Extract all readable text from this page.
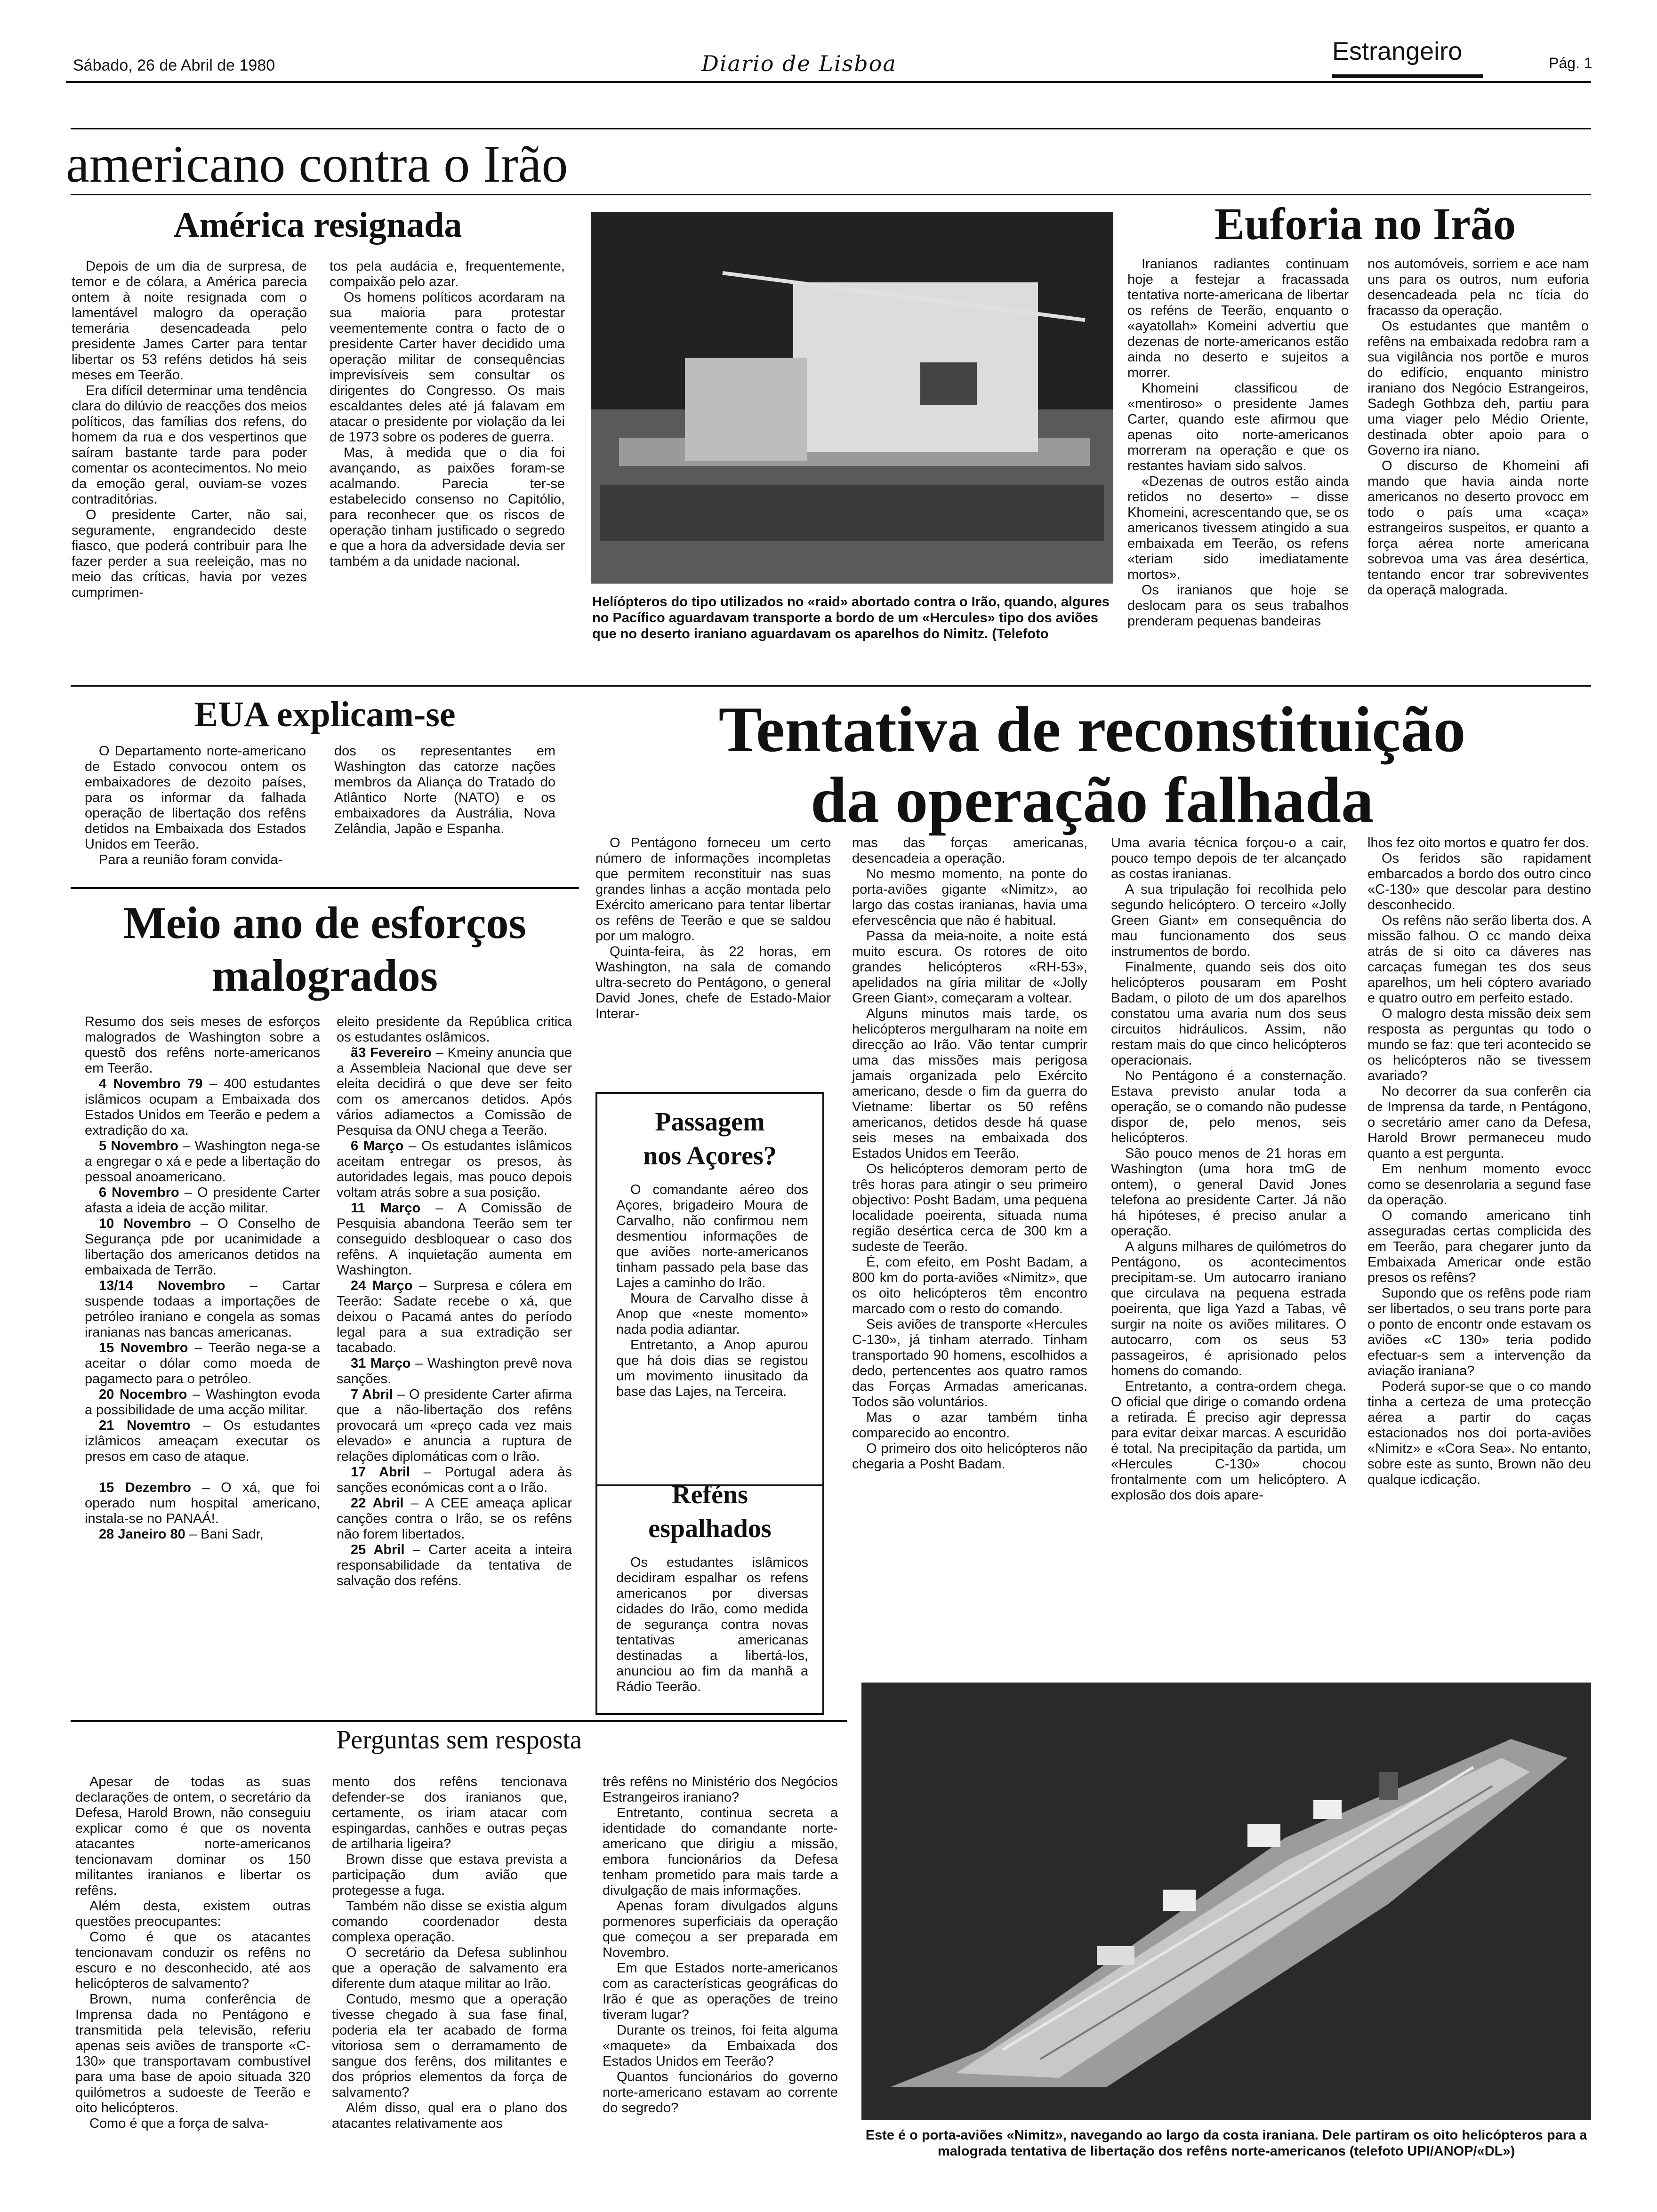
Sábado, 26 de Abril de 1980	Diario de Lisboa	Estrangeiro	Pág. 1
americano contra o Irão
América resignada

Depois de um dia de surpresa, de temor e de cólara, a América parecia ontem à noite resignada com o lamentável malogro da operação temerária desencadeada pelo presidente James Carter para tentar libertar os 53 reféns detidos há seis meses em Teerão.

Era difícil determinar uma tendência clara do dilúvio de reacções dos meios políticos, das famílias dos refens, do homem da rua e dos vespertinos que saíram bastante tarde para poder comentar os acontecimentos. No meio da emoção geral, ouviam-se vozes contraditórias.

O presidente Carter, não sai, seguramente, engrandecido deste fiasco, que poderá contribuir para lhe fazer perder a sua reeleição, mas no meio das críticas, havia por vezes cumprimen-

tos pela audácia e, frequentemente, compaixão pelo azar.

Os homens políticos acordaram na sua maioria para protestar veementemente contra o facto de o presidente Carter haver decidido uma operação militar de consequências imprevisíveis sem consultar os dirigentes do Congresso. Os mais escaldantes deles até já falavam em atacar o presidente por violação da lei de 1973 sobre os poderes de guerra.

Mas, à medida que o dia foi avançando, as paixões foram-se acalmando. Parecia ter-se estabelecido consenso no Capitólio, para reconhecer que os riscos de operação tinham justificado o segredo e que a hora da adversidade devia ser também a da unidade nacional.

Helíópteros do tipo utilizados no «raid» abortado contra o Irão, quando, algures no Pacífico aguardavam transporte a bordo de um «Hercules» tipo dos aviões que no deserto iraniano aguardavam os aparelhos do Nimitz. (Telefoto
Euforia no Irão

Iranianos radiantes continuam hoje a festejar a fracassada tentativa norte-americana de libertar os reféns de Teerão, enquanto o «ayatollah» Komeini advertiu que dezenas de norte-americanos estão ainda no deserto e sujeitos a morrer.

Khomeini classificou de «mentiroso» o presidente James Carter, quando este afirmou que apenas oito norte-americanos morreram na operação e que os restantes haviam sido salvos.

«Dezenas de outros estão ainda retidos no deserto» – disse Khomeini, acrescentando que, se os americanos tivessem atingido a sua embaixada em Teerão, os refens «teriam sido imediatamente mortos».

Os iranianos que hoje se deslocam para os seus trabalhos prenderam pequenas bandeiras

nos automóveis, sorriem e ace nam uns para os outros, num euforia desencadeada pela nc tícia do fracasso da operação.

Os estudantes que mantêm o refêns na embaixada redobra ram a sua vigilância nos portõe e muros do edifício, enquanto ministro iraniano dos Negócio Estrangeiros, Sadegh Gothbza deh, partiu para uma viager pelo Médio Oriente, destinada obter apoio para o Governo ira niano.

O discurso de Khomeini afi mando que havia ainda norte americanos no deserto provocc em todo o país uma «caça» estrangeiros suspeitos, er quanto a força aérea norte americana sobrevoa uma vas área desértica, tentando encor trar sobreviventes da operaçã malograda.

EUA explicam-se

O Departamento norte-americano de Estado convocou ontem os embaixadores de dezoito países, para os informar da falhada operação de libertação dos refêns detidos na Embaixada dos Estados Unidos em Teerão.

Para a reunião foram convida-

dos os representantes em Washington das catorze nações membros da Aliança do Tratado do Atlântico Norte (NATO) e os embaixadores da Austrália, Nova Zelândia, Japão e Espanha.

Meio ano de esforços malogrados

Resumo dos seis meses de esforços malogrados de Washington sobre a questõ dos refêns norte-americanos em Teerão.

4 Novembro 79 – 400 estudantes islâmicos ocupam a Embaixada dos Estados Unidos em Teerão e pedem a extradição do xa.

5 Novembro – Washington nega-se a engregar o xá e pede a libertação do pessoal anoamericano.

6 Novembro – O presidente Carter afasta a ideia de acção militar.

10 Novembro – O Conselho de Segurança pde por ucanimidade a libertação dos americanos detidos na embaixada de Terrão.

13/14 Novembro – Cartar suspende todaas a importações de petróleo iraniano e congela as somas iranianas nas bancas americanas.

15 Novembro – Teerão nega-se a aceitar o dólar como moeda de pagamecto para o petróleo.

20 Nocembro – Washington evoda a possibilidade de uma acção militar.

21 Novemtro – Os estudantes izlâmicos ameaçam executar os presos em caso de ataque.

15 Dezembro – O xá, que foi operado num hospital americano, instala-se no PANAÁ!.

28 Janeiro 80 – Bani Sadr,

eleito presidente da República critica os estudantes oslâmicos.

ã3 Fevereiro – Kmeiny anuncia que a Assembleia Nacional que deve ser eleita decidirá o que deve ser feito com os amercanos detidos. Após vários adiamectos a Comissão de Pesquisa da ONU chega a Teerão.

6 Março – Os estudantes islâmicos aceitam entregar os presos, às autoridades legais, mas pouco depois voltam atrás sobre a sua posição.

11 Março – A Comissão de Pesquisia abandona Teerão sem ter conseguido desbloquear o caso dos refêns. A inquietação aumenta em Washington.

24 Março – Surpresa e cólera em Teerão: Sadate recebe o xá, que deixou o Pacamá antes do período legal para a sua extradição ser tacabado.

31 Março – Washington prevê nova sanções.

7 Abril – O presidente Carter afirma que a não-libertação dos refêns provocará um «preço cada vez mais elevado» e anuncia a ruptura de relações diplomáticas com o Irão.

17 Abril – Portugal adera às sanções económicas cont a o Irão.

22 Abril – A CEE ameaça aplicar canções contra o Irão, se os refêns não forem libertados.

25 Abril – Carter aceita a inteira responsabilidade da tentativa de salvação dos reféns.

Tentativa de reconstituição
da operação falhada

O Pentágono forneceu um certo número de informações incompletas que permitem reconstituir nas suas grandes linhas a acção montada pelo Exército americano para tentar libertar os refêns de Teerão e que se saldou por um malogro.

Quinta-feira, às 22 horas, em Washington, na sala de comando ultra-secreto do Pentágono, o general David Jones, chefe de Estado-Maior Interar-

mas das forças americanas, desencadeia a operação.

No mesmo momento, na ponte do porta-aviões gigante «Nimitz», ao largo das costas iranianas, havia uma efervescência que não é habitual.

Passa da meia-noite, a noite está muito escura. Os rotores de oito grandes helicópteros «RH-53», apelidados na gíria militar de «Jolly Green Giant», começaram a voltear.

Alguns minutos mais tarde, os helicópteros mergulharam na noite em direcção ao Irão. Vão tentar cumprir uma das missões mais perigosa jamais organizada pelo Exército americano, desde o fim da guerra do Vietname: libertar os 50 refêns americanos, detidos desde há quase seis meses na embaixada dos Estados Unidos em Teerão.

Os helicópteros demoram perto de três horas para atingir o seu primeiro objectivo: Posht Badam, uma pequena localidade poeirenta, situada numa região desértica cerca de 300 km a sudeste de Teerão.

É, com efeito, em Posht Badam, a 800 km do porta-aviões «Nimitz», que os oito helicópteros têm encontro marcado com o resto do comando.

Seis aviões de transporte «Hercules C-130», já tinham aterrado. Tinham transportado 90 homens, escolhidos a dedo, pertencentes aos quatro ramos das Forças Armadas americanas. Todos são voluntários.

Mas o azar também tinha comparecido ao encontro.

O primeiro dos oito helicópteros não chegaria a Posht Badam.

Uma avaria técnica forçou-o a cair, pouco tempo depois de ter alcançado as costas iranianas.

A sua tripulação foi recolhida pelo segundo helicóptero. O terceiro «Jolly Green Giant» em consequência do mau funcionamento dos seus instrumentos de bordo.

Finalmente, quando seis dos oito helicópteros pousaram em Posht Badam, o piloto de um dos aparelhos constatou uma avaria num dos seus circuitos hidráulicos. Assim, não restam mais do que cinco helicópteros operacionais.

No Pentágono é a consternação. Estava previsto anular toda a operação, se o comando não pudesse dispor de, pelo menos, seis helicópteros.

São pouco menos de 21 horas em Washington (uma hora tmG de ontem), o general David Jones telefona ao presidente Carter. Já não há hipóteses, é preciso anular a operação.

A alguns milhares de quilómetros do Pentágono, os acontecimentos precipitam-se. Um autocarro iraniano que circulava na pequena estrada poeirenta, que liga Yazd a Tabas, vê surgir na noite os aviões militares. O autocarro, com os seus 53 passageiros, é aprisionado pelos homens do comando.

Entretanto, a contra-ordem chega. O oficial que dirige o comando ordena a retirada. É preciso agir depressa para evitar deixar marcas. A escuridão é total. Na precipitação da partida, um «Hercules C-130» chocou frontalmente com um helicóptero. A explosão dos dois apare-

lhos fez oito mortos e quatro fer dos.

Os feridos são rapidament embarcados a bordo dos outro cinco «C-130» que descolar para destino desconhecido.

Os refêns não serão liberta dos. A missão falhou. O cc mando deixa atrás de si oito ca dáveres nas carcaças fumegan tes dos seus aparelhos, um heli cóptero avariado e quatro outro em perfeito estado.

O malogro desta missão deix sem resposta as perguntas qu todo o mundo se faz: que teri acontecido se os helicópteros não se tivessem avariado?

No decorrer da sua conferên cia de Imprensa da tarde, n Pentágono, o secretário amer cano da Defesa, Harold Browr permaneceu mudo quanto a est pergunta.

Em nenhum momento evocc como se desenrolaria a segund fase da operação.

O comando americano tinh asseguradas certas complicida des em Teerão, para chegarer junto da Embaixada Americar onde estão presos os refêns?

Supondo que os refêns pode riam ser libertados, o seu trans porte para o ponto de encontr onde estavam os aviões «C 130» teria podido efectuar-s sem a intervenção da aviação iraniana?

Poderá supor-se que o co mando tinha a certeza de uma protecção aérea a partir do caças estacionados nos doi porta-aviões «Nimitz» e «Cora Sea». No entanto, sobre este as sunto, Brown não deu qualque icdicação.

Passagem
nos Açores?

O comandante aéreo dos Açores, brigadeiro Moura de Carvalho, não confirmou nem desmentiou informações de que aviões norte-americanos tinham passado pela base das Lajes a caminho do Irão.

Moura de Carvalho disse à Anop que «neste momento» nada podia adiantar.

Entretanto, a Anop apurou que há dois dias se registou um movimento iinusitado da base das Lajes, na Terceira.

Reféns
espalhados

Os estudantes islâmicos decidiram espalhar os refens americanos por diversas cidades do Irão, como medida de segurança contra novas tentativas americanas destinadas a libertá-los, anunciou ao fim da manhã a Rádio Teerão.

Perguntas sem resposta

Apesar de todas as suas declarações de ontem, o secretário da Defesa, Harold Brown, não conseguiu explicar como é que os noventa atacantes norte-americanos tencionavam dominar os 150 militantes iranianos e libertar os refêns.

Além desta, existem outras questões preocupantes:

Como é que os atacantes tencionavam conduzir os refêns no escuro e no desconhecido, até aos helicópteros de salvamento?

Brown, numa conferência de Imprensa dada no Pentágono e transmitida pela televisão, referiu apenas seis aviões de transporte «C-130» que transportavam combustível para uma base de apoio situada 320 quilómetros a sudoeste de Teerão e oito helicópteros.

Como é que a força de salva-

mento dos refêns tencionava defender-se dos iranianos que, certamente, os iriam atacar com espingardas, canhões e outras peças de artilharia ligeira?

Brown disse que estava prevista a participação dum avião que protegesse a fuga.

Também não disse se existia algum comando coordenador desta complexa operação.

O secretário da Defesa sublinhou que a operação de salvamento era diferente dum ataque militar ao Irão.

Contudo, mesmo que a operação tivesse chegado à sua fase final, poderia ela ter acabado de forma vitoriosa sem o derramamento de sangue dos ferêns, dos militantes e dos próprios elementos da força de salvamento?

Além disso, qual era o plano dos atacantes relativamente aos

três refêns no Ministério dos Negócios Estrangeiros iraniano?

Entretanto, continua secreta a identidade do comandante norte-americano que dirigiu a missão, embora funcionários da Defesa tenham prometido para mais tarde a divulgação de mais informações.

Apenas foram divulgados alguns pormenores superficiais da operação que começou a ser preparada em Novembro.

Em que Estados norte-americanos com as características geográficas do Irão é que as operações de treino tiveram lugar?

Durante os treinos, foi feita alguma «maquete» da Embaixada dos Estados Unidos em Teerão?

Quantos funcionários do governo norte-americano estavam ao corrente do segredo?

Este é o porta-aviões «Nimitz», navegando ao largo da costa iraniana. Dele partiram os oito helicópteros para a malograda tentativa de libertação dos refêns norte-americanos (telefoto UPI/ANOP/«DL»)
